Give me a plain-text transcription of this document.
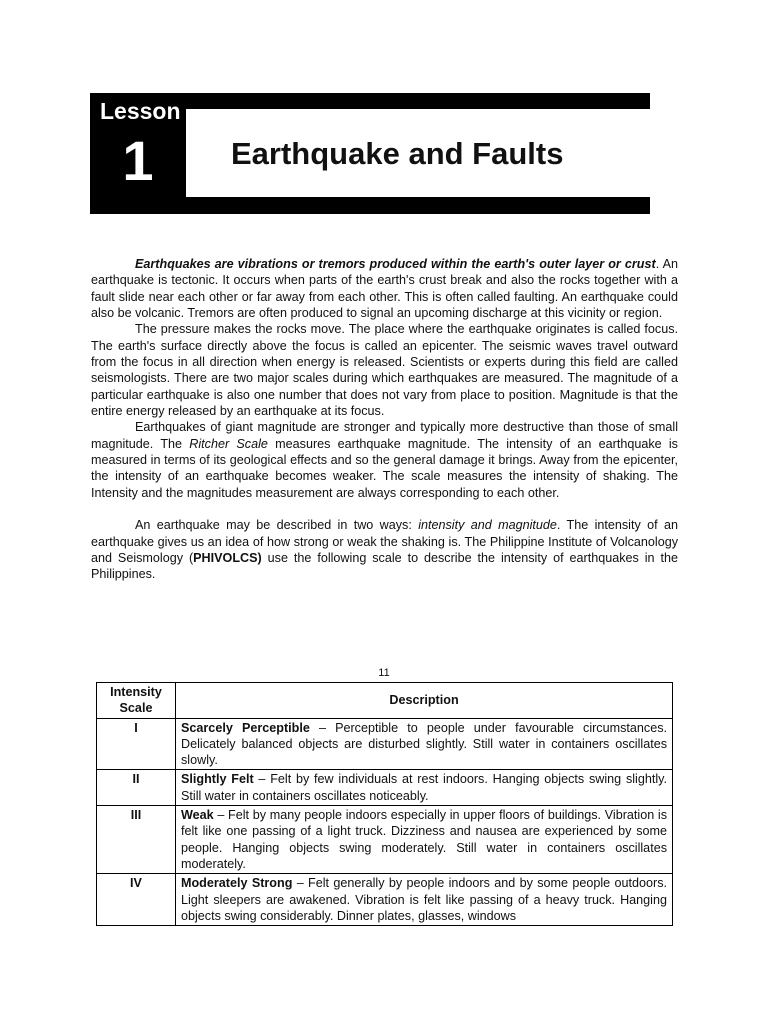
Lesson
1	Earthquake and Faults

Earthquakes are vibrations or tremors produced within the earth's outer layer or crust. An earthquake is tectonic. It occurs when parts of the earth's crust break and also the rocks together with a fault slide near each other or far away from each other. This is often called faulting. An earthquake could also be volcanic. Tremors are often produced to signal an upcoming discharge at this vicinity or region.

The pressure makes the rocks move. The place where the earthquake originates is called focus. The earth's surface directly above the focus is called an epicenter. The seismic waves travel outward from the focus in all direction when energy is released. Scientists or experts during this field are called seismologists. There are two major scales during which earthquakes are measured. The magnitude of a particular earthquake is also one number that does not vary from place to position. Magnitude is that the entire energy released by an earthquake at its focus.

Earthquakes of giant magnitude are stronger and typically more destructive than those of small magnitude. The Ritcher Scale measures earthquake magnitude. The intensity of an earthquake is measured in terms of its geological effects and so the general damage it brings. Away from the epicenter, the intensity of an earthquake becomes weaker. The scale measures the intensity of shaking. The Intensity and the magnitudes measurement are always corresponding to each other.

An earthquake may be described in two ways: intensity and magnitude. The intensity of an earthquake gives us an idea of how strong or weak the shaking is. The Philippine Institute of Volcanology and Seismology (PHIVOLCS) use the following scale to describe the intensity of earthquakes in the Philippines.

11
Intensity Scale	Description
I	Scarcely Perceptible – Perceptible to people under favourable circumstances. Delicately balanced objects are disturbed slightly. Still water in containers oscillates slowly.
II	Slightly Felt – Felt by few individuals at rest indoors. Hanging objects swing slightly. Still water in containers oscillates noticeably.
III	Weak – Felt by many people indoors especially in upper floors of buildings. Vibration is felt like one passing of a light truck. Dizziness and nausea are experienced by some people. Hanging objects swing moderately. Still water in containers oscillates moderately.
IV	Moderately Strong – Felt generally by people indoors and by some people outdoors. Light sleepers are awakened. Vibration is felt like passing of a heavy truck. Hanging objects swing considerably. Dinner plates, glasses, windows
